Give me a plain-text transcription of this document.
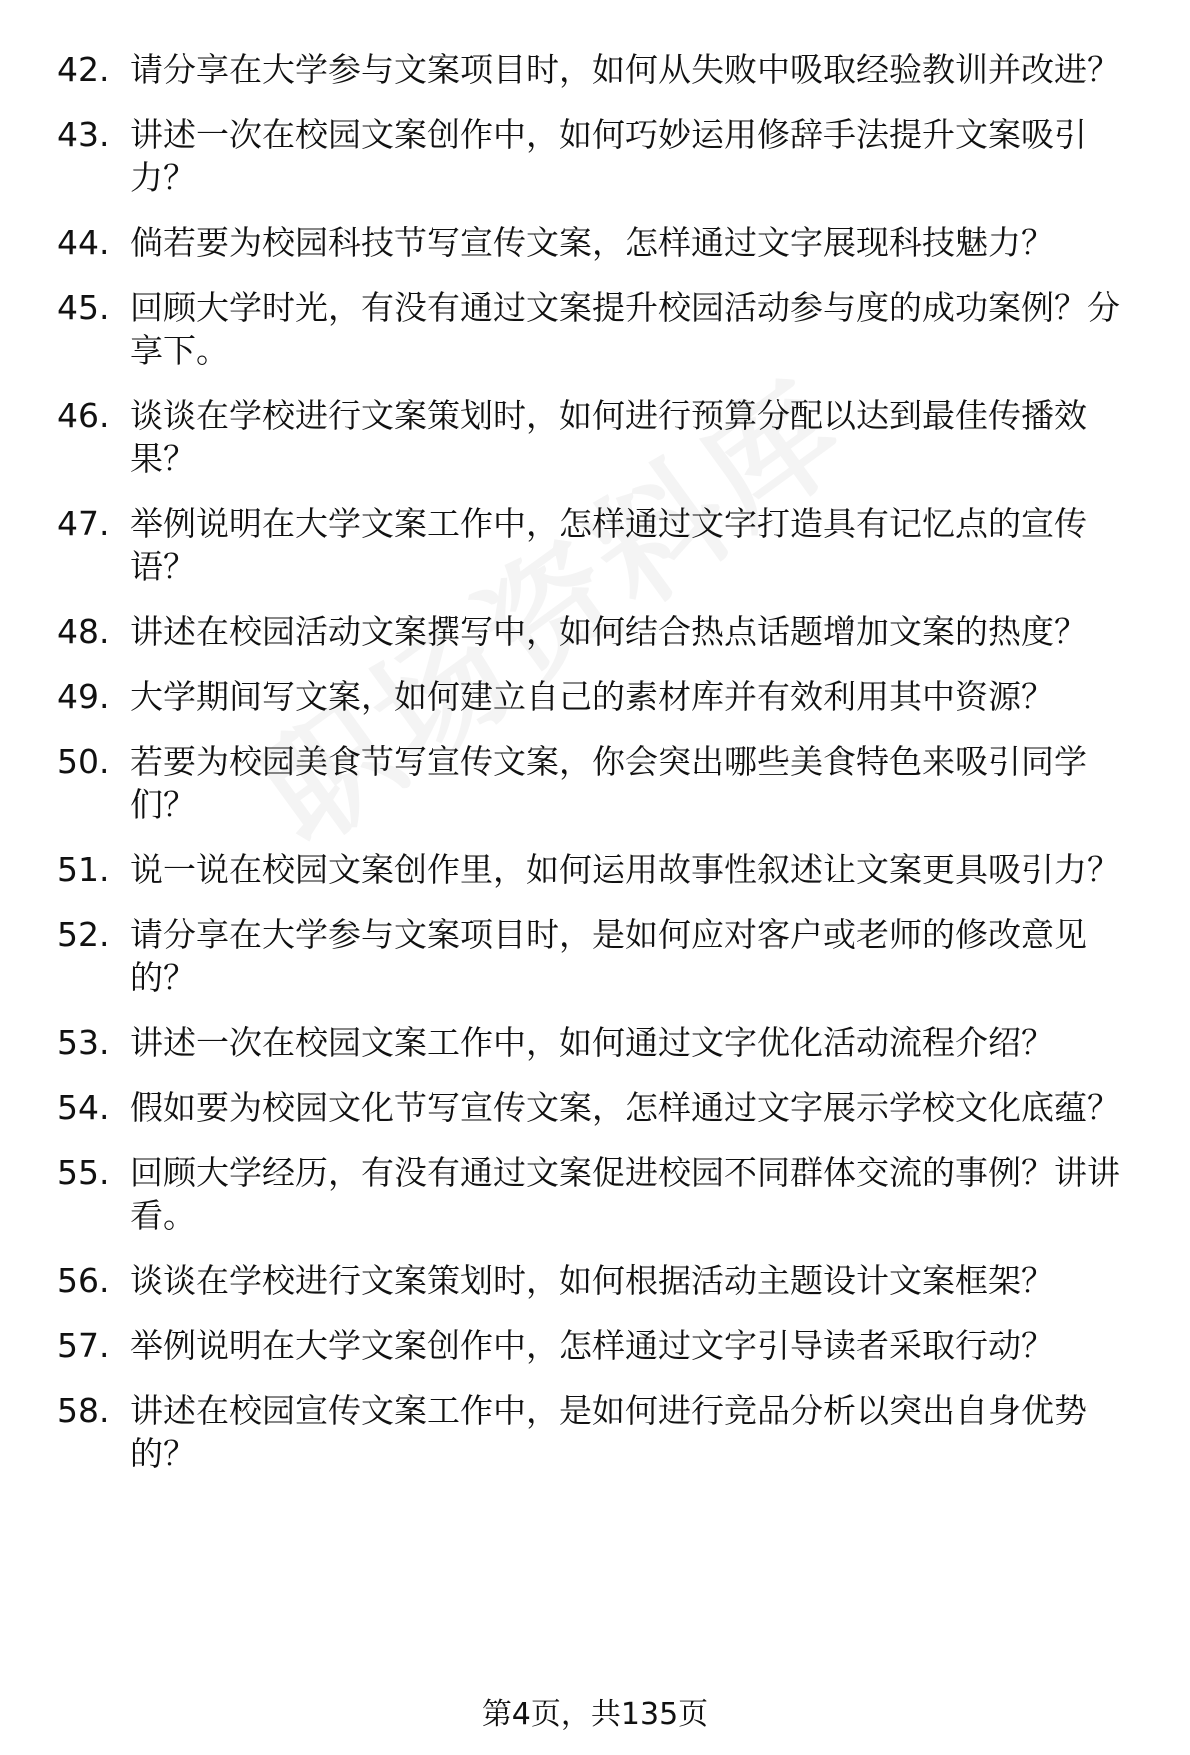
42. 请分享在大学参与文案项目时，如何从失败中吸取经验教训并改进？
43. 讲述一次在校园文案创作中，如何巧妙运用修辞手法提升文案吸引力？
44. 倘若要为校园科技节写宣传文案，怎样通过文字展现科技魅力？
45. 回顾大学时光，有没有通过文案提升校园活动参与度的成功案例？分享下。
46. 谈谈在学校进行文案策划时，如何进行预算分配以达到最佳传播效果？
47. 举例说明在大学文案工作中，怎样通过文字打造具有记忆点的宣传语？
48. 讲述在校园活动文案撰写中，如何结合热点话题增加文案的热度？
49. 大学期间写文案，如何建立自己的素材库并有效利用其中资源？
50. 若要为校园美食节写宣传文案，你会突出哪些美食特色来吸引同学们？
51. 说一说在校园文案创作里，如何运用故事性叙述让文案更具吸引力？
52. 请分享在大学参与文案项目时，是如何应对客户或老师的修改意见的？
53. 讲述一次在校园文案工作中，如何通过文字优化活动流程介绍？
54. 假如要为校园文化节写宣传文案，怎样通过文字展示学校文化底蕴？
55. 回顾大学经历，有没有通过文案促进校园不同群体交流的事例？讲讲看。
56. 谈谈在学校进行文案策划时，如何根据活动主题设计文案框架？
57. 举例说明在大学文案创作中，怎样通过文字引导读者采取行动？
58. 讲述在校园宣传文案工作中，是如何进行竞品分析以突出自身优势的？
第4页，共135页
